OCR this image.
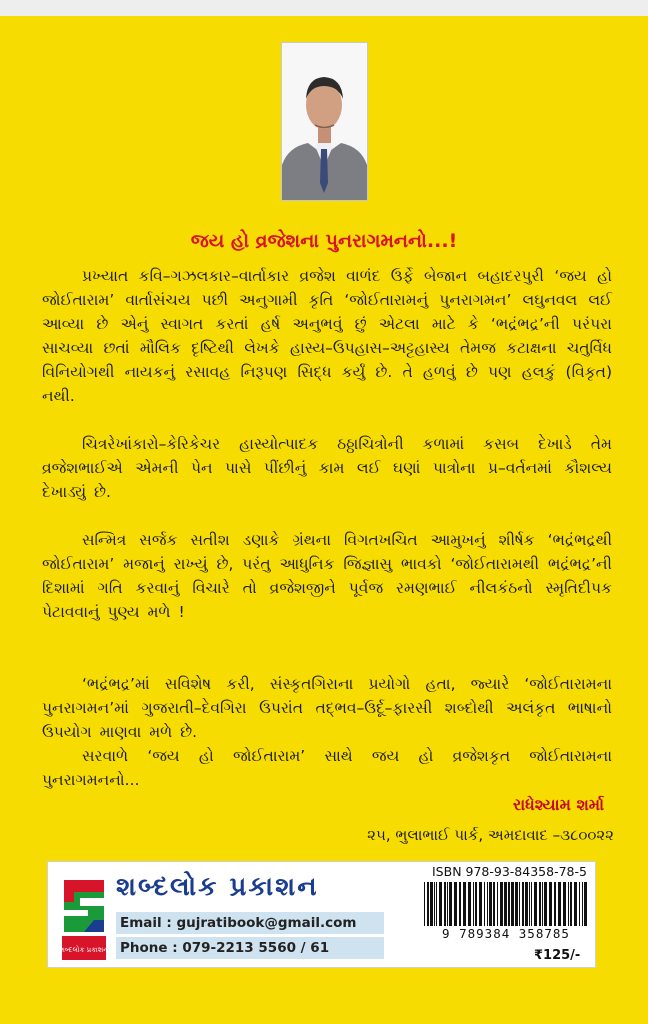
જય હો વ્રજેશના પુનરાગમનનો...!

પ્રખ્યાત કવિ–ગઝલકાર–વાર્તાકાર વ્રજેશ વાળંદ ઉર્ફે બેજાન બહાદરપુરી ‘જય હો જોઈતારામ’ વાર્તાસંચય પછી અનુગામી કૃતિ ‘જોઈતારામનું પુનરાગમન’ લઘુનવલ લઈ આવ્યા છે એનું સ્વાગત કરતાં હર્ષ અનુભવું છું એટલા માટે કે ‘ભદ્રંભદ્ર’ની પરંપરા સાચવ્યા છતાં મૌલિક દૃષ્ટિથી લેખકે હાસ્ય–ઉપહાસ–અટ્ટહાસ્ય તેમજ કટાક્ષના ચતુર્વિધ વિનિયોગથી નાયકનું રસાવહ નિરૂપણ સિદ્ધ કર્યું છે. તે હળવું છે પણ હલકું (વિકૃત) નથી.

ચિત્રરેખાંકારો–કેરિકેચર હાસ્યોત્પાદક ઠઠ્ઠાચિત્રોની કળામાં કસબ દેખાડે તેમ વ્રજેશભાઈએ એમની પેન પાસે પીંછીનું કામ લઈ ઘણાં પાત્રોના પ્ર–વર્તનમાં કૌશલ્ય દેખાડ્યું છે.

સન્મિત્ર સર્જક સતીશ ડણાકે ગ્રંથના વિગતખચિત આમુખનું શીર્ષક ‘ભદ્રંભદ્રથી જોઈતારામ’ મજાનું રાખ્યું છે, પરંતુ આધુનિક જિજ્ઞાસુ ભાવકો ‘જોઈતારામથી ભદ્રંભદ્ર’ની દિશામાં ગતિ કરવાનું વિચારે તો વ્રજેશજીને પૂર્વજ રમણભાઈ નીલકંઠનો સ્મૃતિદીપક પેટાવવાનું પુણ્ય મળે !

‘ભદ્રંભદ્ર’માં સવિશેષ કરી, સંસ્કૃતગિરાના પ્રયોગો હતા, જ્યારે ‘જોઈતારામના પુનરાગમન’માં ગુજરાતી–દેવગિરા ઉપરાંત તદ્‌ભવ–ઉર્દૂ–ફારસી શબ્દોથી અલંકૃત ભાષાનો ઉપયોગ માણવા મળે છે.

સરવાળે ‘જય હો જોઈતારામ’ સાથે જય હો વ્રજેશકૃત જોઈતારામના પુનરાગમનનો...

રાધેશ્યામ શર્મા
૨૫, ભુલાભાઈ પાર્ક, અમદાવાદ –૩૮૦૦૨૨
શબ્દલોક પ્રકાશન
શબ્દલોક પ્રકાશન
Email : gujratibook@gmail.com
Phone : 079-2213 5560 / 61
ISBN 978-93-84358-78-5
9 789384 358785
₹125/-
